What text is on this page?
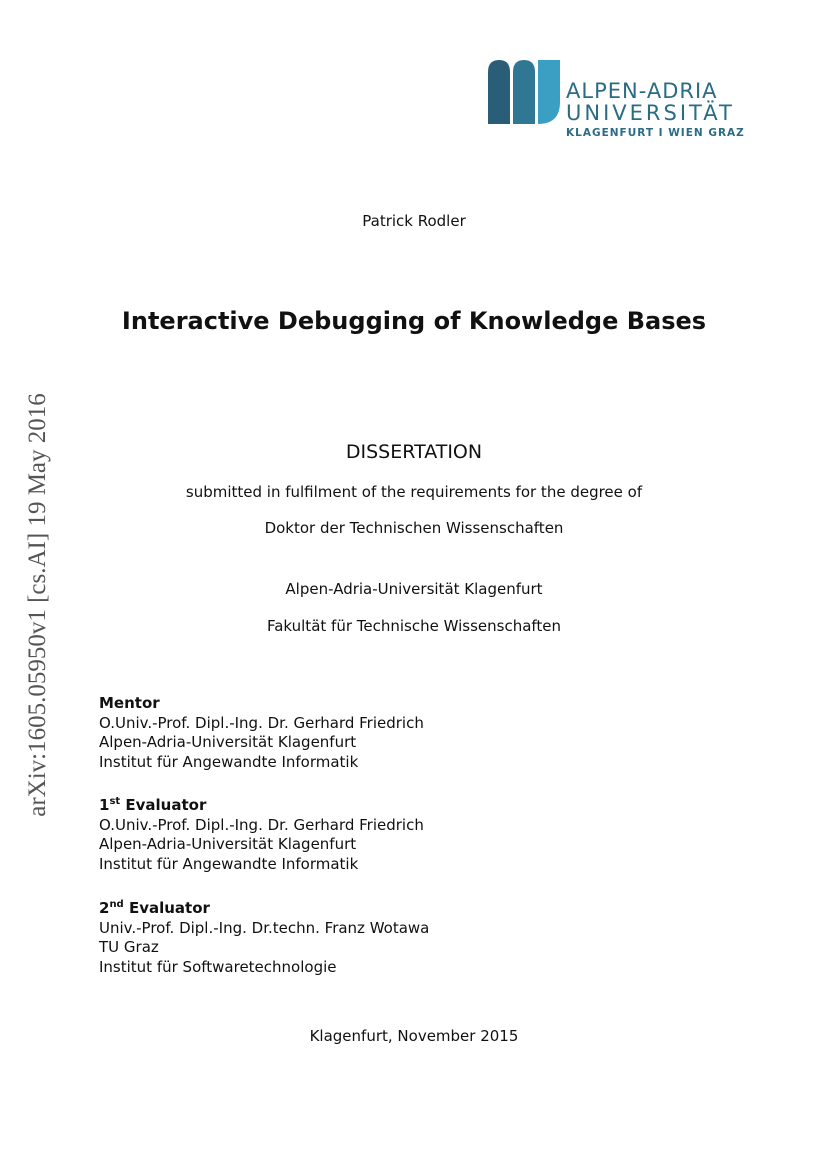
ALPEN-ADRIA
UNIVERSITÄT
KLAGENFURT I WIEN GRAZ
arXiv:1605.05950v1 [cs.AI] 19 May 2016
Patrick Rodler
Interactive Debugging of Knowledge Bases
DISSERTATION
submitted in fulfilment of the requirements for the degree of
Doktor der Technischen Wissenschaften
Alpen-Adria-Universität Klagenfurt
Fakultät für Technische Wissenschaften
Mentor
O.Univ.-Prof. Dipl.-Ing. Dr. Gerhard Friedrich
Alpen-Adria-Universität Klagenfurt
Institut für Angewandte Informatik
1st Evaluator
O.Univ.-Prof. Dipl.-Ing. Dr. Gerhard Friedrich
Alpen-Adria-Universität Klagenfurt
Institut für Angewandte Informatik
2nd Evaluator
Univ.-Prof. Dipl.-Ing. Dr.techn. Franz Wotawa
TU Graz
Institut für Softwaretechnologie
Klagenfurt, November 2015
